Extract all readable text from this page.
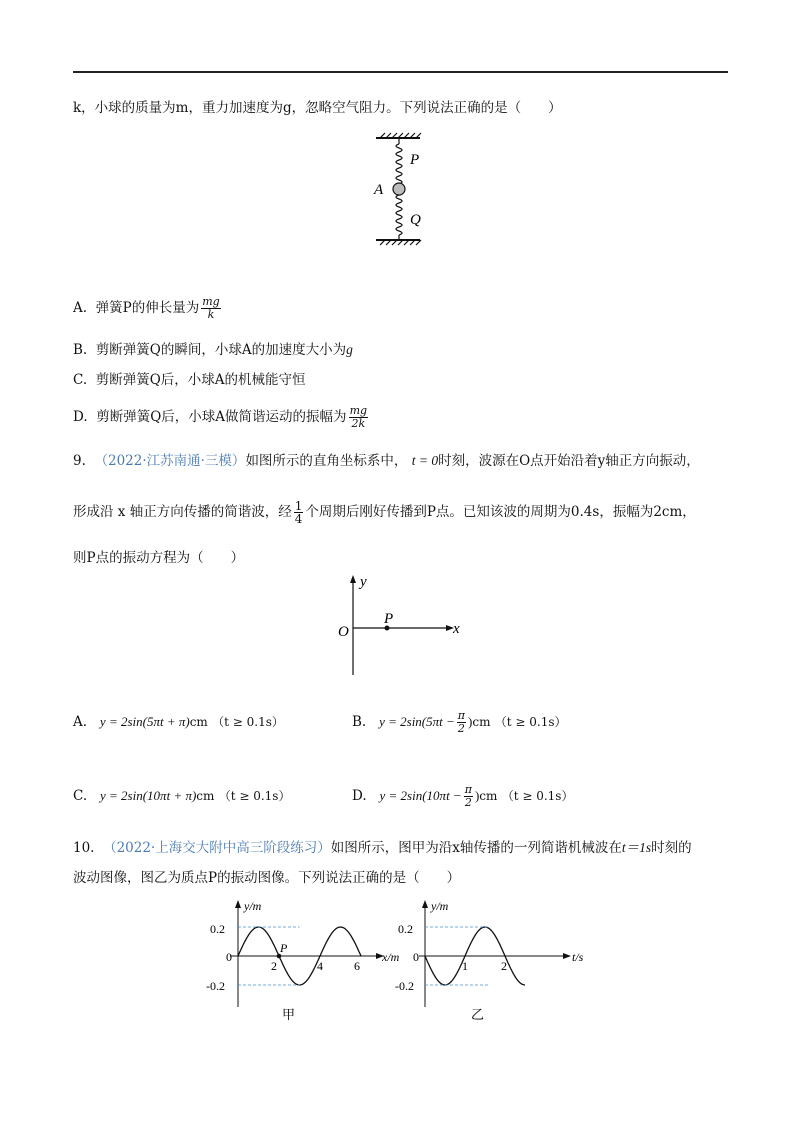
k，小球的质量为m，重力加速度为g，忽略空气阻力。下列说法正确的是（　　）
P
A
Q
A. 弹簧P的伸长量为 $\frac{mg}{k}$
B. 剪断弹簧Q的瞬间，小球A的加速度大小为g
C. 剪断弹簧Q后，小球A的机械能守恒
D. 剪断弹簧Q后，小球A做简谐运动的振幅为 $\frac{mg}{2k}$
9. （2022·江苏南通·三模）如图所示的直角坐标系中， t = 0时刻，波源在O点开始沿着y轴正方向振动，
形成沿 x 轴正方向传播的简谐波，经 $\frac{1}{4}$ 个周期后刚好传播到P点。已知该波的周期为0.4s，振幅为2cm，
则P点的振动方程为（　　）
y
O
P
x
A. y = 2sin(5πt + π)cm （t ≥ 0.1s）	B. $y = 2\sin(5\pi t - \frac{\pi}{2} )cm$ （t ≥ 0.1s）
C. y = 2sin(10πt + π)cm （t ≥ 0.1s）	D. $y = 2\sin(10\pi t - \frac{\pi}{2} )cm$ （t ≥ 0.1s）
10. （2022·上海交大附中高三阶段练习）如图所示，图甲为沿x轴传播的一列简谐机械波在t＝1s时刻的
波动图像，图乙为质点P的振动图像。下列说法正确的是（　　）
y/m
x/m
0.2
0
-0.2
2	4	6
P
甲
y/m
t/s
0.2
0
-0.2
1	2
乙
